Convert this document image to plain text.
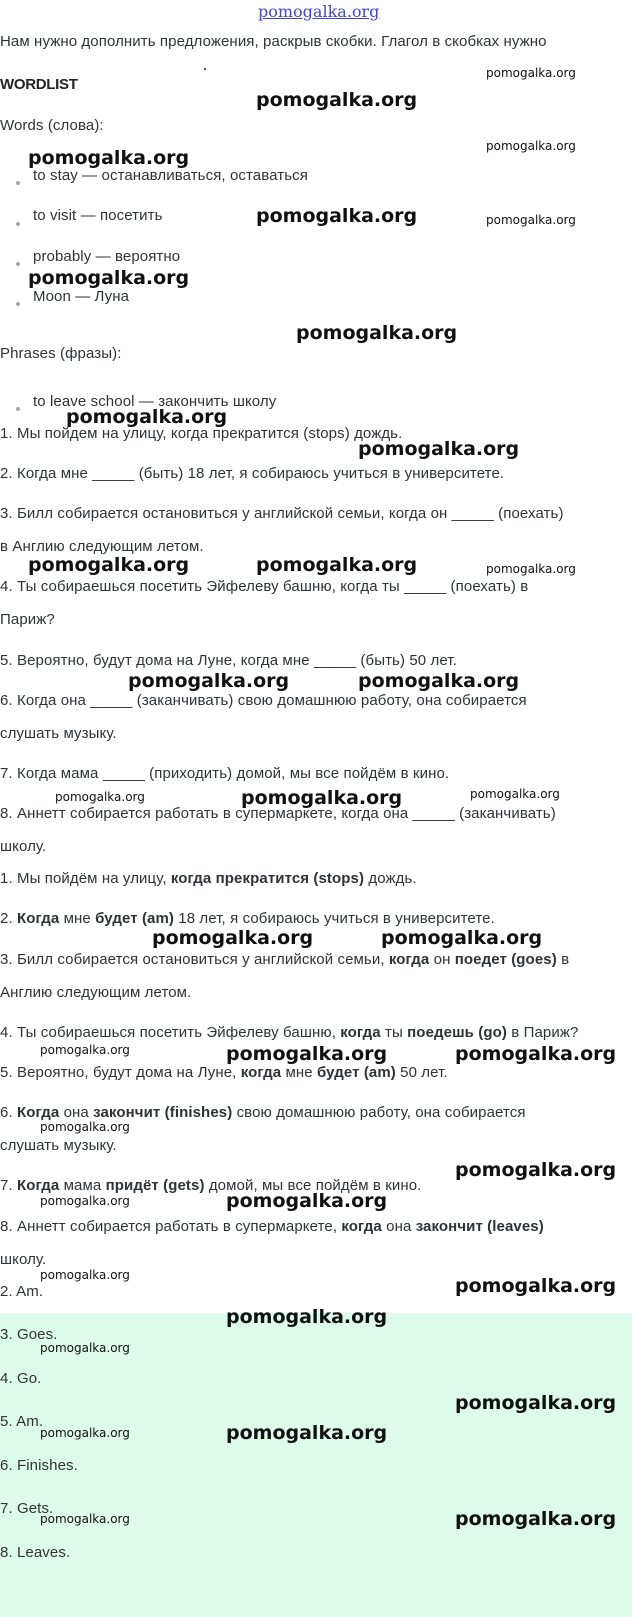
pomogalka.org
Нам нужно дополнить предложения, раскрыв скобки. Глагол в скобках нужно
WORDLIST
Words (слова):
to stay — останавливаться, оставаться
to visit — посетить
probably — вероятно
Moon — Луна
Phrases (фразы):
to leave school — закончить школу
1. Мы пойдем на улицу, когда прекратится (stops) дождь.
2. Когда мне _____ (быть) 18 лет, я собираюсь учиться в университете.
3. Билл собирается остановиться у английской семьи, когда он _____ (поехать)
в Англию следующим летом.
4. Ты собираешься посетить Эйфелеву башню, когда ты _____ (поехать) в
Париж?
5. Вероятно, будут дома на Луне, когда мне _____ (быть) 50 лет.
6. Когда она _____ (заканчивать) свою домашнюю работу, она собирается
слушать музыку.
7. Когда мама _____ (приходить) домой, мы все пойдём в кино.
8. Аннетт собирается работать в супермаркете, когда она _____ (заканчивать)
школу.
1. Мы пойдём на улицу, когда прекратится (stops) дождь.
2. Когда мне будет (am) 18 лет, я собираюсь учиться в университете.
3. Билл собирается остановиться у английской семьи, когда он поедет (goes) в
Англию следующим летом.
4. Ты собираешься посетить Эйфелеву башню, когда ты поедешь (go) в Париж?
5. Вероятно, будут дома на Луне, когда мне будет (am) 50 лет.
6. Когда она закончит (finishes) свою домашнюю работу, она собирается
слушать музыку.
7. Когда мама придёт (gets) домой, мы все пойдём в кино.
8. Аннетт собирается работать в супермаркете, когда она закончит (leaves)
школу.
2. Am.
3. Goes.
4. Go.
5. Am.
6. Finishes.
7. Gets.
8. Leaves.
pomogalka.org
pomogalka.org
pomogalka.org
pomogalka.org
pomogalka.org	pomogalka.org
pomogalka.org
pomogalka.org
pomogalka.org
pomogalka.org
pomogalka.org	pomogalka.org	pomogalka.org
pomogalka.org	pomogalka.org
pomogalka.org	pomogalka.org	pomogalka.org
pomogalka.org	pomogalka.org
pomogalka.org	pomogalka.org	pomogalka.org
pomogalka.org
pomogalka.org
pomogalka.org	pomogalka.org
pomogalka.org	pomogalka.org
pomogalka.org
pomogalka.org
pomogalka.org
pomogalka.org	pomogalka.org
pomogalka.org	pomogalka.org
